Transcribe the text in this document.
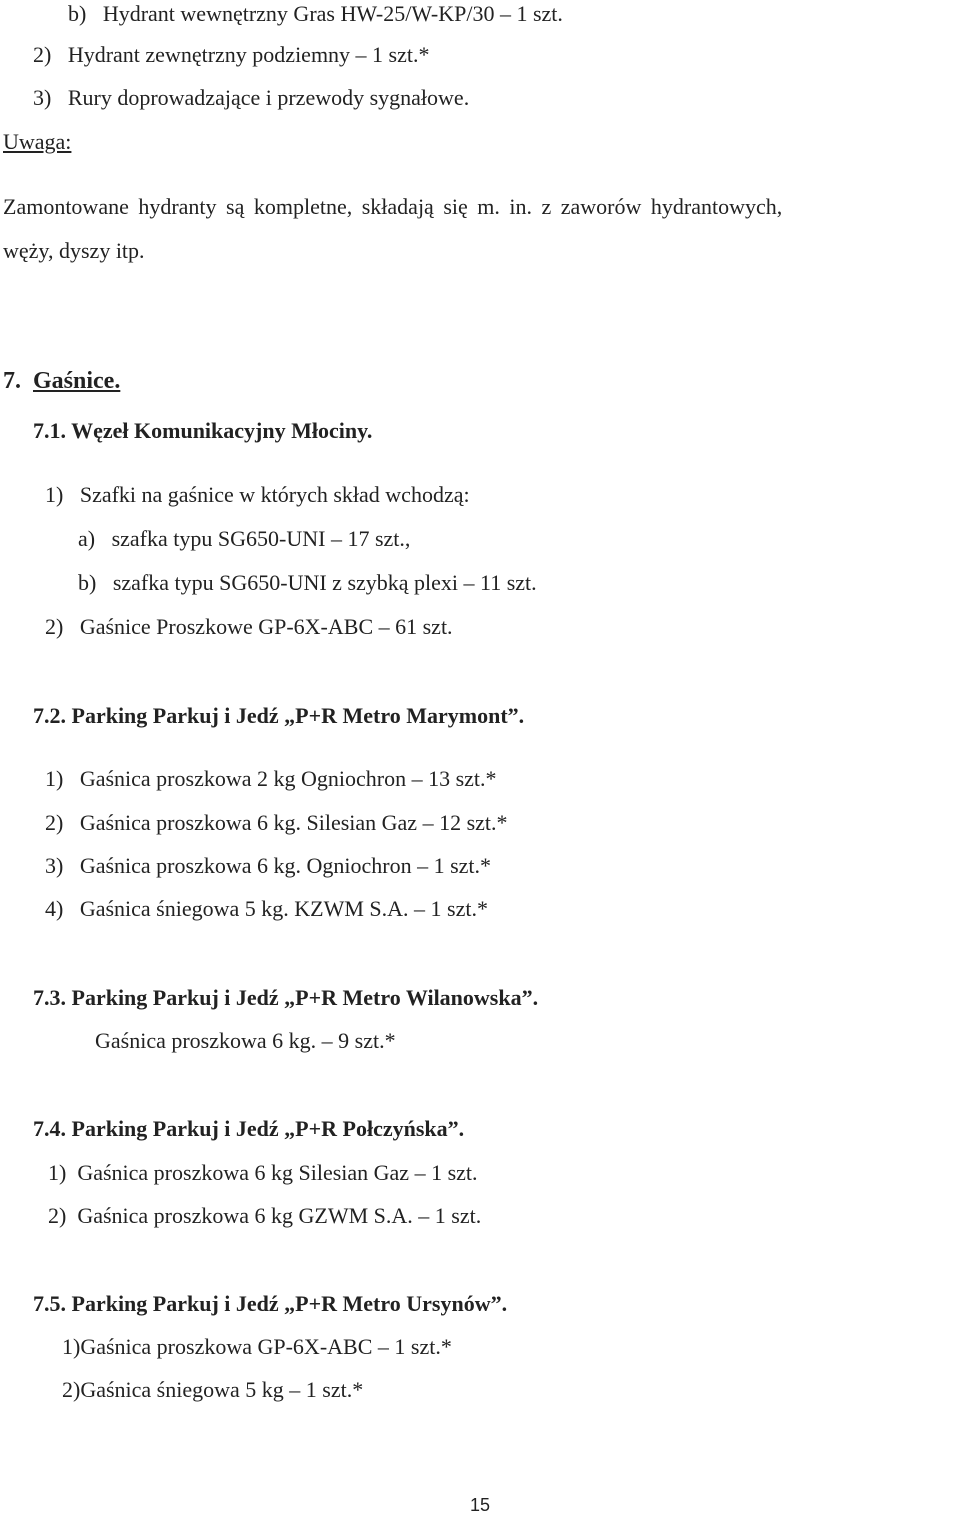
b) Hydrant wewnętrzny Gras HW-25/W-KP/30 – 1 szt.
2) Hydrant zewnętrzny podziemny – 1 szt.*
3) Rury doprowadzające i przewody sygnałowe.
Uwaga:
Zamontowane hydranty są kompletne, składają się m. in. z zaworów hydrantowych,
węży, dyszy itp.
7. Gaśnice.
7.1. Węzeł Komunikacyjny Młociny.
1) Szafki na gaśnice w których skład wchodzą:
a) szafka typu SG650-UNI – 17 szt.,
b) szafka typu SG650-UNI z szybką plexi – 11 szt.
2) Gaśnice Proszkowe GP-6X-ABC – 61 szt.
7.2. Parking Parkuj i Jedź „P+R Metro Marymont”.
1) Gaśnica proszkowa 2 kg Ogniochron – 13 szt.*
2) Gaśnica proszkowa 6 kg. Silesian Gaz – 12 szt.*
3) Gaśnica proszkowa 6 kg. Ogniochron – 1 szt.*
4) Gaśnica śniegowa 5 kg. KZWM S.A. – 1 szt.*
7.3. Parking Parkuj i Jedź „P+R Metro Wilanowska”.
Gaśnica proszkowa 6 kg. – 9 szt.*
7.4. Parking Parkuj i Jedź „P+R Połczyńska”.
1) Gaśnica proszkowa 6 kg Silesian Gaz – 1 szt.
2) Gaśnica proszkowa 6 kg GZWM S.A. – 1 szt.
7.5. Parking Parkuj i Jedź „P+R Metro Ursynów”.
1)Gaśnica proszkowa GP-6X-ABC – 1 szt.*
2)Gaśnica śniegowa 5 kg – 1 szt.*
15
